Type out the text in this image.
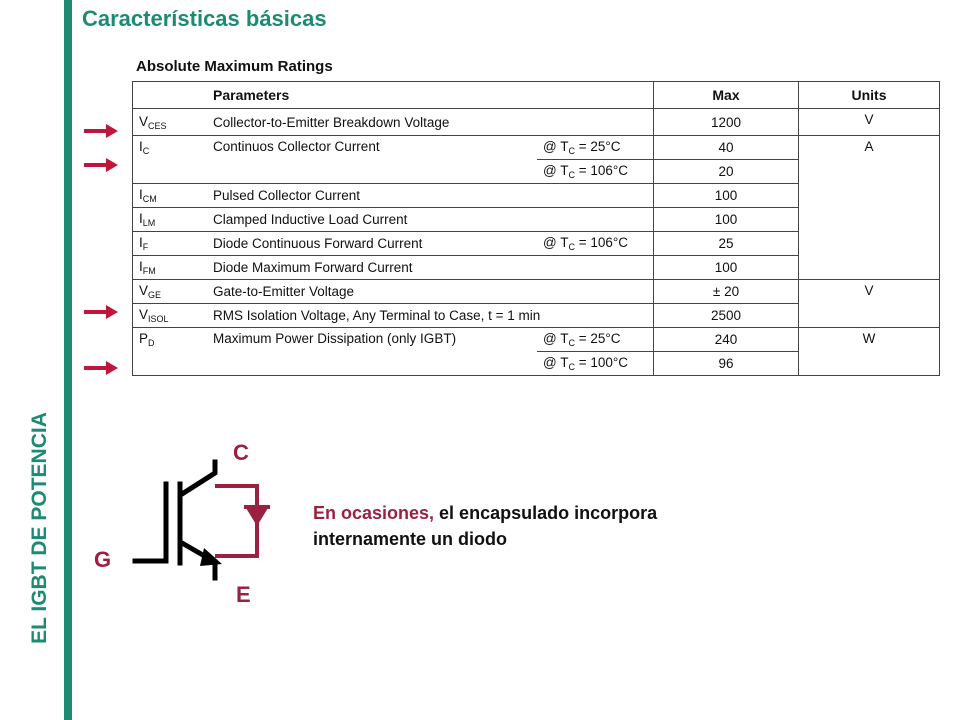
EL IGBT DE POTENCIA
Características básicas
Absolute Maximum Ratings
	Parameters		Max	Units
$V_{CES}$	Collector-to-Emitter Breakdown Voltage		1200	V
$I_C$	Continuos Collector Current	@ $T_C = 25^\circ C$	40	A
		@ $T_C = 106^\circ C$	20	
$I_{CM}$	Pulsed Collector Current		100	
$I_{LM}$	Clamped Inductive Load Current		100	
$I_F$	Diode Continuous Forward Current	@ $T_C = 106^\circ C$	25	
$I_{FM}$	Diode Maximum Forward Current		100	
$V_{GE}$	Gate-to-Emitter Voltage		± 20	V
$V_{ISOL}$	RMS Isolation Voltage, Any Terminal to Case, t = 1 min		2500	
$P_D$	Maximum Power Dissipation (only IGBT)	@ $T_C = 25^\circ C$	240	W
		@ $T_C = 100^\circ C$	96	
C
G
E
En ocasiones, el encapsulado incorpora
internamente un diodo
